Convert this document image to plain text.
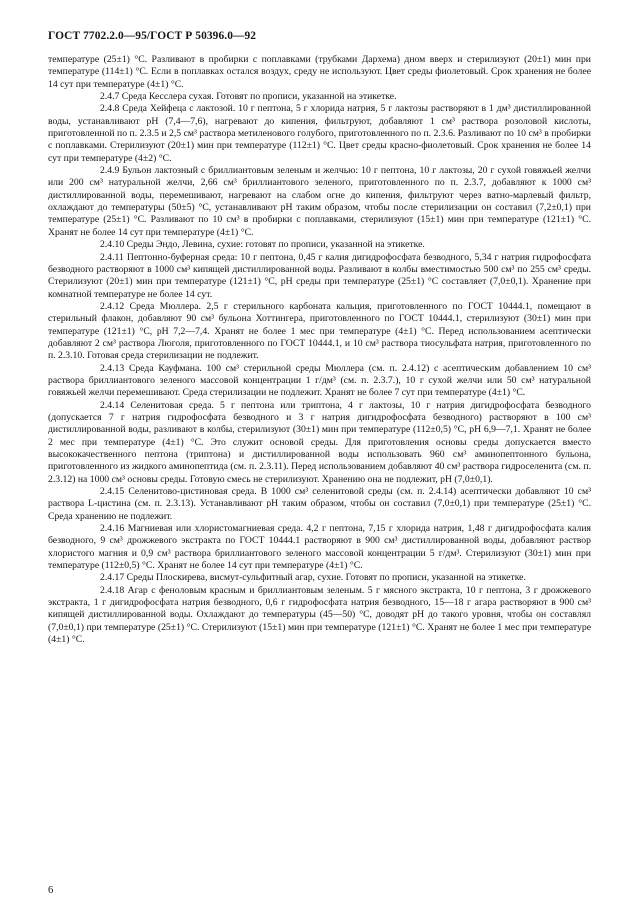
ГОСТ 7702.2.0—95/ГОСТ Р 50396.0—92

температуре (25±1) °С. Разливают в пробирки с поплавками (трубками Дархема) дном вверх и стерилизуют (20±1) мин при температуре (114±1) °С. Если в поплавках остался воздух, среду не используют. Цвет среды фиолетовый. Срок хранения не более 14 сут при температуре (4±1) °С.

2.4.7 Среда Кесслера сухая. Готовят по прописи, указанной на этикетке.

2.4.8 Среда Хейфеца с лактозой. 10 г пептона, 5 г хлорида натрия, 5 г лактозы растворяют в 1 дм³ дистиллированной воды, устанавливают рН (7,4—7,6), нагревают до кипения, фильтруют, добавляют 1 см³ раствора розоловой кислоты, приготовленной по п. 2.3.5 и 2,5 см³ раствора метиленового голубого, приготовленного по п. 2.3.6. Разливают по 10 см³ в пробирки с поплавками. Стерилизуют (20±1) мин при температуре (112±1) °С. Цвет среды красно-фиолетовый. Срок хранения не более 14 сут при температуре (4±2) °С.

2.4.9 Бульон лактозный с бриллиантовым зеленым и желчью: 10 г пептона, 10 г лактозы, 20 г сухой говяжьей желчи или 200 см³ натуральной желчи, 2,66 см³ бриллиантового зеленого, приготовленного по п. 2.3.7, добавляют к 1000 см³ дистиллированной воды, перемешивают, нагревают на слабом огне до кипения, фильтруют через ватно-марлевый фильтр, охлаждают до температуры (50±5) °С, устанавливают рН таким образом, чтобы после стерилизации он составил (7,2±0,1) при температуре (25±1) °С. Разливают по 10 см³ в пробирки с поплавками, стерилизуют (15±1) мин при температуре (121±1) °С. Хранят не более 14 сут при температуре (4±1) °С.

2.4.10 Среды Эндо, Левина, сухие: готовят по прописи, указанной на этикетке.

2.4.11 Пептонно-буферная среда: 10 г пептона, 0,45 г калия дигидрофосфата безводного, 5,34 г натрия гидрофосфата безводного растворяют в 1000 см³ кипящей дистиллированной воды. Разливают в колбы вместимостью 500 см³ по 255 см³ среды. Стерилизуют (20±1) мин при температуре (121±1) °С, рН среды при температуре (25±1) °С составляет (7,0±0,1). Хранение при комнатной температуре не более 14 сут.

2.4.12 Среда Мюллера. 2,5 г стерильного карбоната кальция, приготовленного по ГОСТ 10444.1, помещают в стерильный флакон, добавляют 90 см³ бульона Хоттингера, приготовленного по ГОСТ 10444.1, стерилизуют (30±1) мин при температуре (121±1) °С, рН 7,2—7,4. Хранят не более 1 мес при температуре (4±1) °С. Перед использованием асептически добавляют 2 см³ раствора Люголя, приготовленного по ГОСТ 10444.1, и 10 см³ раствора тиосульфата натрия, приготовленного по п. 2.3.10. Готовая среда стерилизации не подлежит.

2.4.13 Среда Кауфмана. 100 см³ стерильной среды Мюллера (см. п. 2.4.12) с асептическим добавлением 10 см³ раствора бриллиантового зеленого массовой концентрации 1 г/дм³ (см. п. 2.3.7.), 10 г сухой желчи или 50 см³ натуральной говяжьей желчи перемешивают. Среда стерилизации не подлежит. Хранят не более 7 сут при температуре (4±1) °С.

2.4.14 Селенитовая среда. 5 г пептона или триптона, 4 г лактозы, 10 г натрия дигидрофосфата безводного (допускается 7 г натрия гидрофосфата безводного и 3 г натрия дигидрофосфата безводного) растворяют в 100 см³ дистиллированной воды, разливают в колбы, стерилизуют (30±1) мин при температуре (112±0,5) °С, рН 6,9—7,1. Хранят не более 2 мес при температуре (4±1) °С. Это служит основой среды. Для приготовления основы среды допускается вместо высококачественного пептона (триптона) и дистиллированной воды использовать 960 см³ аминопептонного бульона, приготовленного из жидкого аминопептида (см. п. 2.3.11). Перед использованием добавляют 40 см³ раствора гидроселенита (см. п. 2.3.12) на 1000 см³ основы среды. Готовую смесь не стерилизуют. Хранению она не подлежит, рН (7,0±0,1).

2.4.15 Селенитово-цистиновая среда. В 1000 см³ селенитовой среды (см. п. 2.4.14) асептически добавляют 10 см³ раствора L-цистина (см. п. 2.3.13). Устанавливают рН таким образом, чтобы он составил (7,0±0,1) при температуре (25±1) °С. Среда хранению не подлежит.

2.4.16 Магниевая или хлористомагниевая среда. 4,2 г пептона, 7,15 г хлорида натрия, 1,48 г дигидрофосфата калия безводного, 9 см³ дрожжевого экстракта по ГОСТ 10444.1 растворяют в 900 см³ дистиллированной воды, добавляют раствор хлористого магния и 0,9 см³ раствора бриллиантового зеленого массовой концентрации 5 г/дм³. Стерилизуют (30±1) мин при температуре (112±0,5) °С. Хранят не более 14 сут при температуре (4±1) °С.

2.4.17 Среды Плоскирева, висмут-сульфитный агар, сухие. Готовят по прописи, указанной на этикетке.

2.4.18 Агар с феноловым красным и бриллиантовым зеленым. 5 г мясного экстракта, 10 г пептона, 3 г дрожжевого экстракта, 1 г дигидрофосфата натрия безводного, 0,6 г гидрофосфата натрия безводного, 15—18 г агара растворяют в 900 см³ кипящей дистиллированной воды. Охлаждают до температуры (45—50) °С, доводят рН до такого уровня, чтобы он составлял (7,0±0,1) при температуре (25±1) °С. Стерилизуют (15±1) мин при температуре (121±1) °С. Хранят не более 1 мес при температуре (4±1) °С.

6
